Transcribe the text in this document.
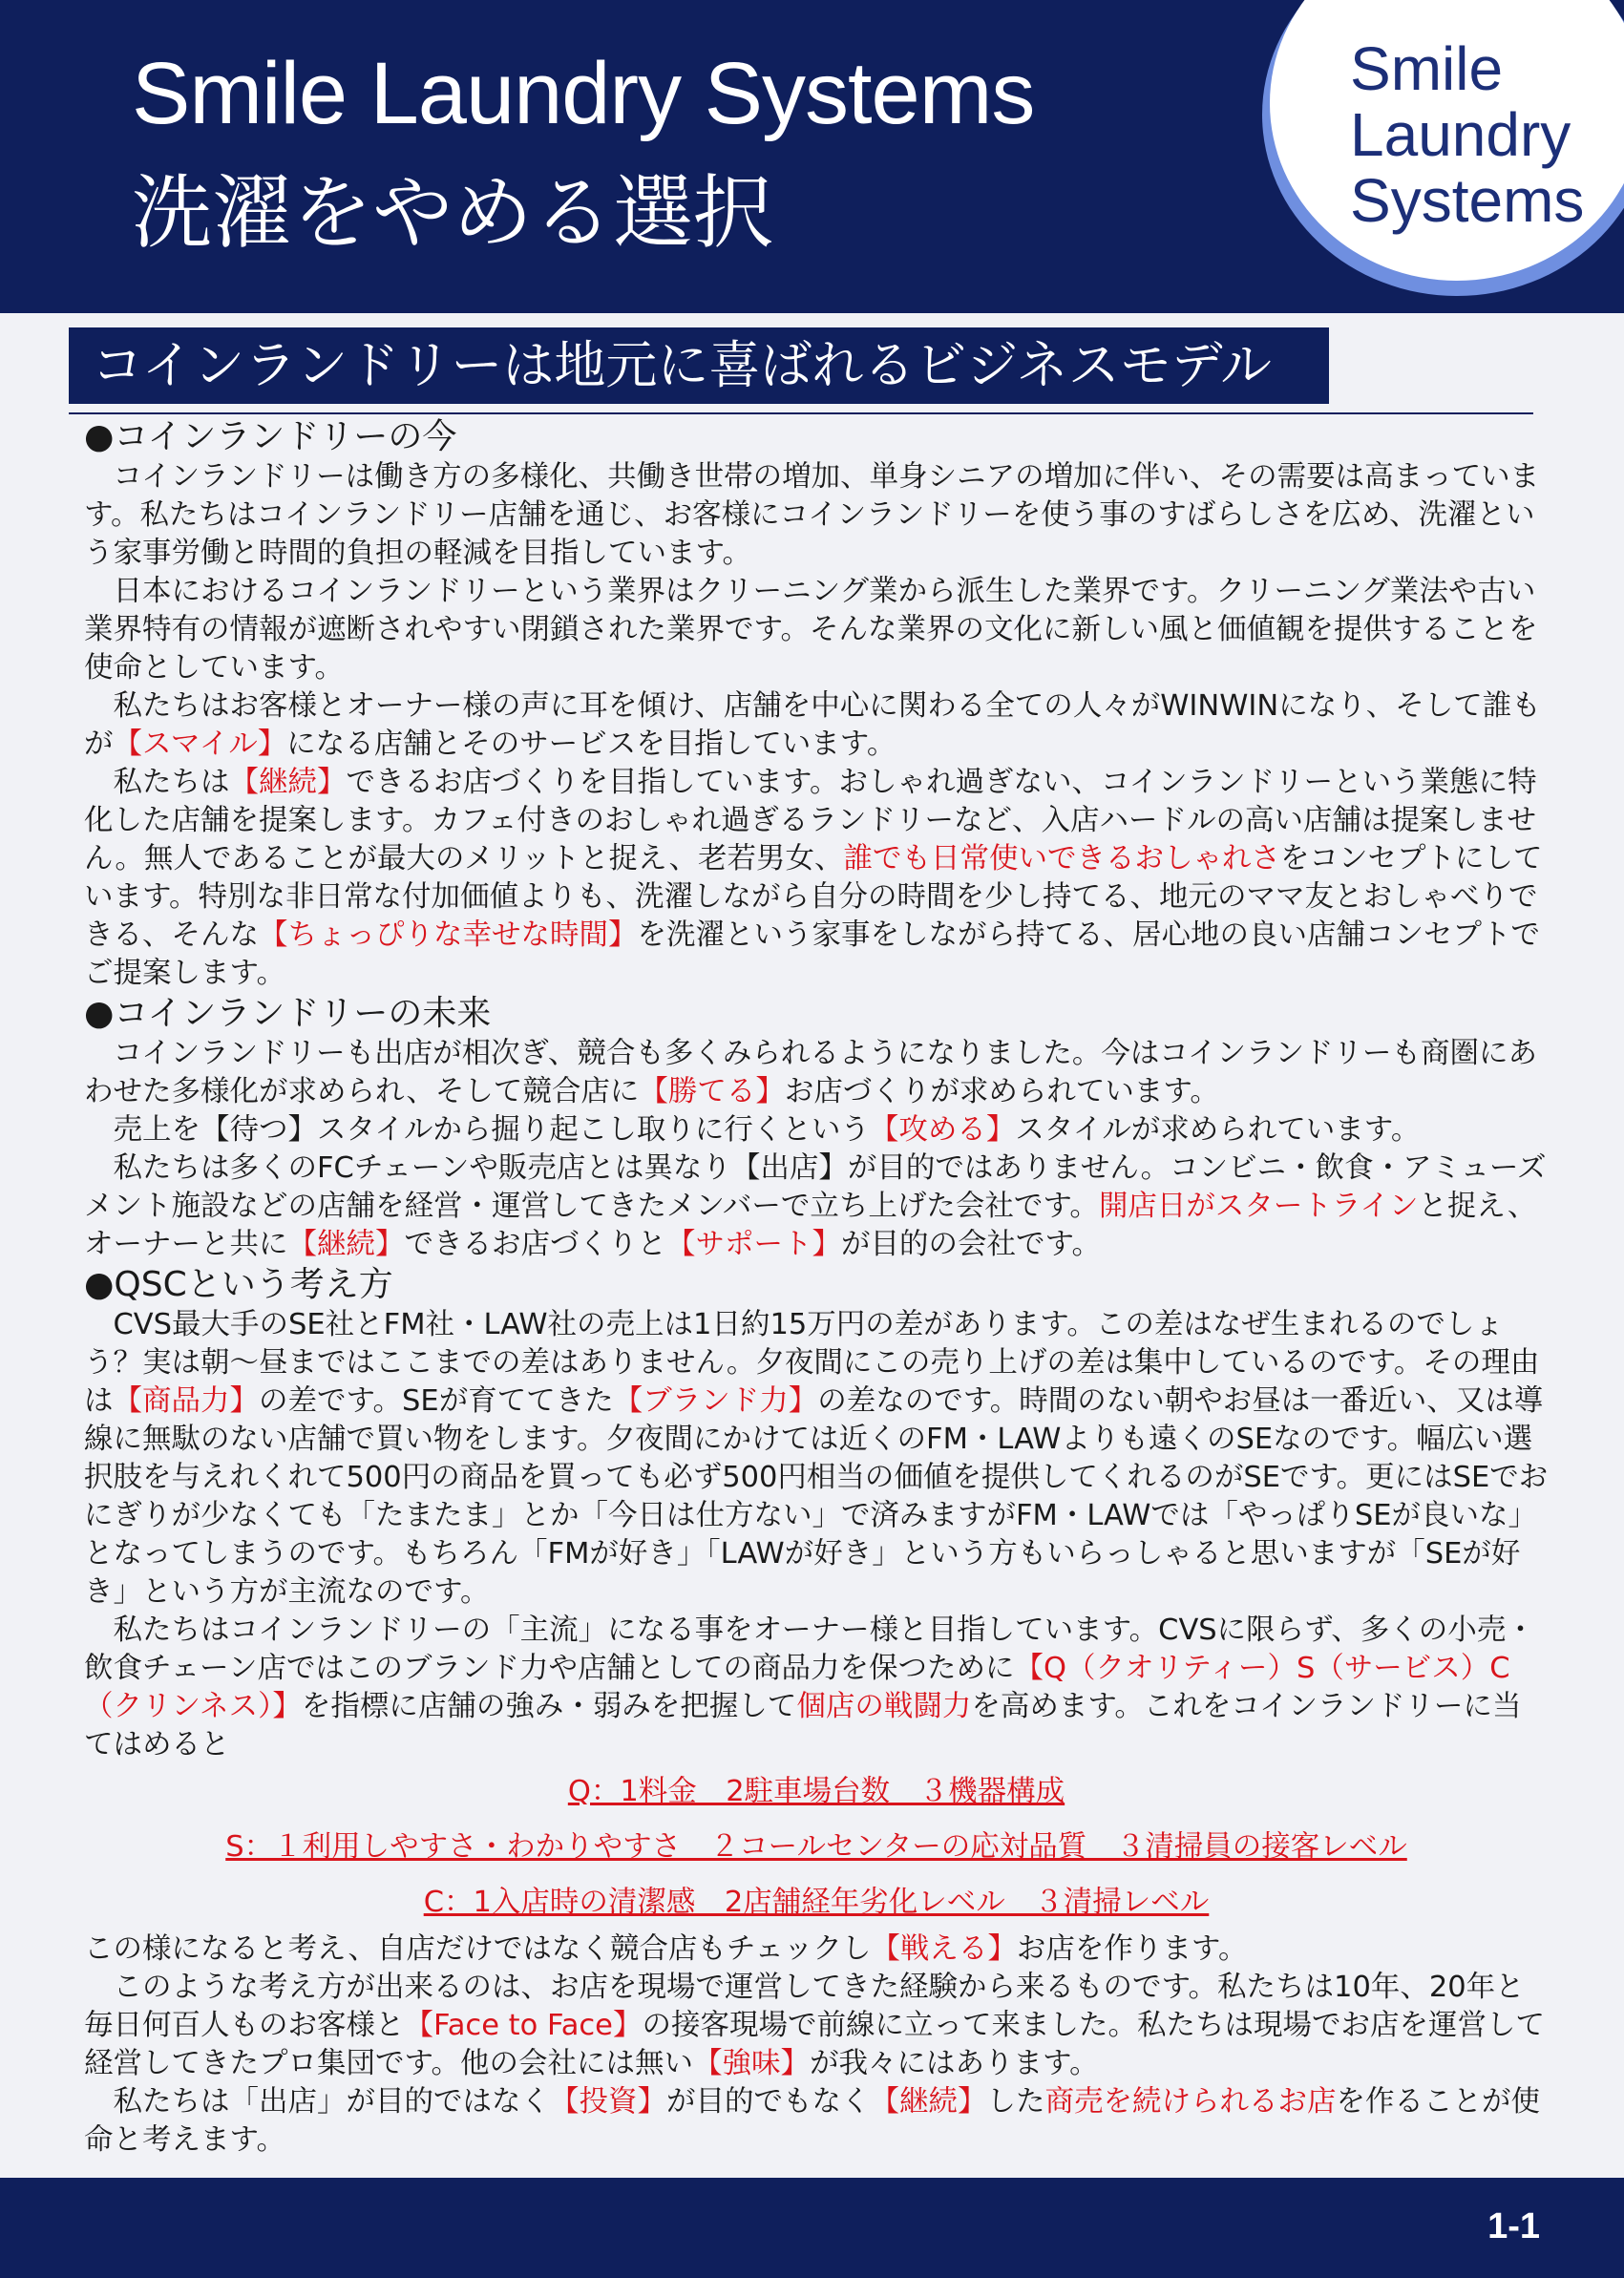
Smile Laundry Systems
洗濯をやめる選択
Smile
Laundry
Systems
コインランドリーは地元に喜ばれるビジネスモデル
●コインランドリーの今

コインランドリーは働き方の多様化、共働き世帯の増加、単身シニアの増加に伴い、その需要は高まっています。私たちはコインランドリー店舗を通じ、お客様にコインランドリーを使う事のすばらしさを広め、洗濯という家事労働と時間的負担の軽減を目指しています。

日本におけるコインランドリーという業界はクリーニング業から派生した業界です。クリーニング業法や古い業界特有の情報が遮断されやすい閉鎖された業界です。そんな業界の文化に新しい風と価値観を提供することを使命としています。

私たちはお客様とオーナー様の声に耳を傾け、店舗を中心に関わる全ての人々がWINWINになり、そして誰もが【スマイル】になる店舗とそのサービスを目指しています。

私たちは【継続】できるお店づくりを目指しています。おしゃれ過ぎない、コインランドリーという業態に特化した店舗を提案します。カフェ付きのおしゃれ過ぎるランドリーなど、入店ハードルの高い店舗は提案しません。無人であることが最大のメリットと捉え、老若男女、誰でも日常使いできるおしゃれさをコンセプトにしています。特別な非日常な付加価値よりも、洗濯しながら自分の時間を少し持てる、地元のママ友とおしゃべりできる、そんな【ちょっぴりな幸せな時間】を洗濯という家事をしながら持てる、居心地の良い店舗コンセプトでご提案します。

●コインランドリーの未来

コインランドリーも出店が相次ぎ、競合も多くみられるようになりました。今はコインランドリーも商圏にあわせた多様化が求められ、そして競合店に【勝てる】お店づくりが求められています。

売上を【待つ】スタイルから掘り起こし取りに行くという【攻める】スタイルが求められています。

私たちは多くのFCチェーンや販売店とは異なり【出店】が目的ではありません。コンビニ・飲食・アミューズメント施設などの店舗を経営・運営してきたメンバーで立ち上げた会社です。開店日がスタートラインと捉え、オーナーと共に【継続】できるお店づくりと【サポート】が目的の会社です。

●QSCという考え方

CVS最大手のSE社とFM社・LAW社の売上は1日約15万円の差があります。この差はなぜ生まれるのでしょう？実は朝～昼まではここまでの差はありません。夕夜間にこの売り上げの差は集中しているのです。その理由は【商品力】の差です。SEが育ててきた【ブランド力】の差なのです。時間のない朝やお昼は一番近い、又は導線に無駄のない店舗で買い物をします。夕夜間にかけては近くのFM・LAWよりも遠くのSEなのです。幅広い選択肢を与えれくれて500円の商品を買っても必ず500円相当の価値を提供してくれるのがSEです。更にはSEでおにぎりが少なくても「たまたま」とか「今日は仕方ない」で済みますがFM・LAWでは「やっぱりSEが良いな」となってしまうのです。もちろん「FMが好き」「LAWが好き」という方もいらっしゃると思いますが「SEが好き」という方が主流なのです。

私たちはコインランドリーの「主流」になる事をオーナー様と目指しています。CVSに限らず、多くの小売・飲食チェーン店ではこのブランド力や店舗としての商品力を保つために【Q（クオリティー）S（サービス）C（クリンネス）】を指標に店舗の強み・弱みを把握して個店の戦闘力を高めます。これをコインランドリーに当てはめると

Q：1料金　2駐車場台数　３機器構成
S：１利用しやすさ・わかりやすさ　２コールセンターの応対品質　３清掃員の接客レベル
C：1入店時の清潔感　2店舗経年劣化レベル　３清掃レベル

この様になると考え、自店だけではなく競合店もチェックし【戦える】お店を作ります。

このような考え方が出来るのは、お店を現場で運営してきた経験から来るものです。私たちは10年、20年と毎日何百人ものお客様と【Face to Face】の接客現場で前線に立って来ました。私たちは現場でお店を運営して経営してきたプロ集団です。他の会社には無い【強味】が我々にはあります。

私たちは「出店」が目的ではなく【投資】が目的でもなく【継続】した商売を続けられるお店を作ることが使命と考えます。

1-1
